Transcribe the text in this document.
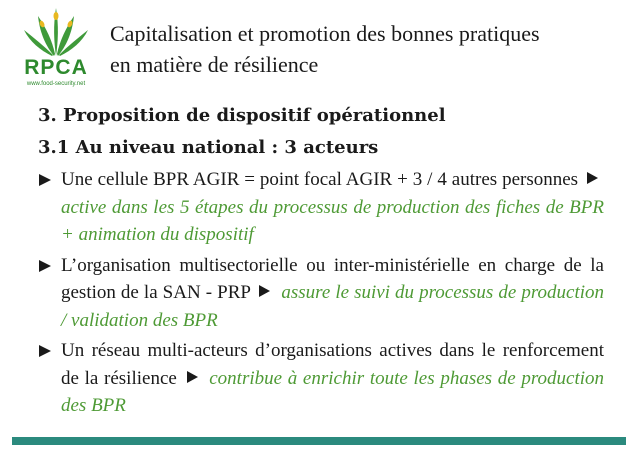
RPCA
www.food-security.net
Capitalisation et promotion des bonnes pratiques
en matière de résilience
3. Proposition de dispositif opérationnel
3.1 Au niveau national : 3 acteurs
Une cellule BPR AGIR = point focal AGIR + 3 / 4 autres personnes  active dans les 5 étapes du processus de production des fiches de BPR + animation du dispositif
L’organisation multisectorielle ou inter-ministérielle en charge de la gestion de la SAN - PRP assure le suivi du processus de production / validation des BPR
Un réseau multi-acteurs d’organisations actives dans le renforcement de la résilience contribue à enrichir toute les phases de production des BPR
